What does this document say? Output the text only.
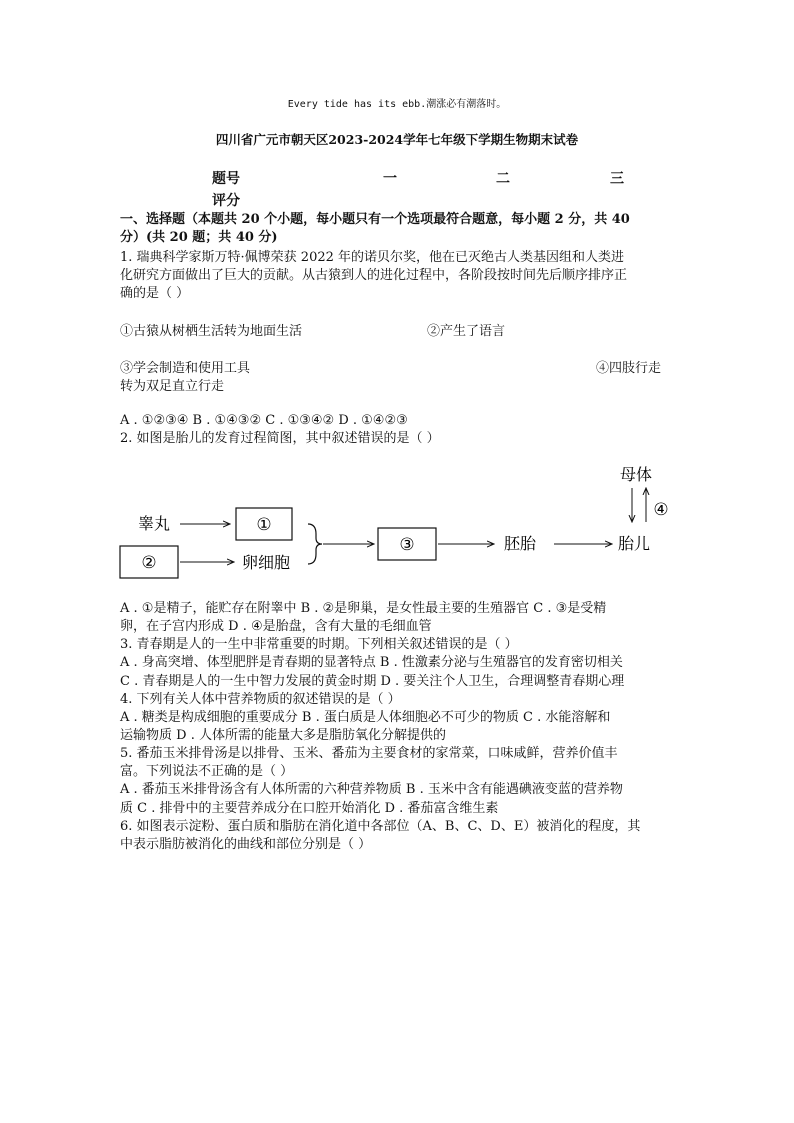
Every tide has its ebb.潮涨必有潮落时。
四川省广元市朝天区2023-2024学年七年级下学期生物期末试卷
题号	一	二	三
评分
一、选择题（本题共 20 个小题，每小题只有一个选项最符合题意，每小题 2 分，共 40
分）(共 20 题；共 40 分)
1. 瑞典科学家斯万特·佩博荣获 2022 年的诺贝尔奖，他在已灭绝古人类基因组和人类进
化研究方面做出了巨大的贡献。从古猿到人的进化过程中，各阶段按时间先后顺序排序正
确的是（ ）
①古猿从树栖生活转为地面生活	②产生了语言
③学会制造和使用工具	④四肢行走
转为双足直立行走
A . ①②③④ B . ①④③② C . ①③④② D . ①④②③
2. 如图是胎儿的发育过程简图，其中叙述错误的是（ ）
睾丸	①
②	卵细胞
③	胚胎	胎儿
母体
④
A . ①是精子，能贮存在附睾中 B . ②是卵巢，是女性最主要的生殖器官 C . ③是受精
卵，在子宫内形成 D . ④是胎盘，含有大量的毛细血管
3. 青春期是人的一生中非常重要的时期。下列相关叙述错误的是（ ）
A . 身高突增、体型肥胖是青春期的显著特点 B . 性激素分泌与生殖器官的发育密切相关
C . 青春期是人的一生中智力发展的黄金时期 D . 要关注个人卫生，合理调整青春期心理
4. 下列有关人体中营养物质的叙述错误的是（ ）
A . 糖类是构成细胞的重要成分 B . 蛋白质是人体细胞必不可少的物质 C . 水能溶解和
运输物质 D . 人体所需的能量大多是脂肪氧化分解提供的
5. 番茄玉米排骨汤是以排骨、玉米、番茄为主要食材的家常菜，口味咸鲜，营养价值丰
富。下列说法不正确的是（ ）
A . 番茄玉米排骨汤含有人体所需的六种营养物质 B . 玉米中含有能遇碘液变蓝的营养物
质 C . 排骨中的主要营养成分在口腔开始消化 D . 番茄富含维生素
6. 如图表示淀粉、蛋白质和脂肪在消化道中各部位（A、B、C、D、E）被消化的程度，其
中表示脂肪被消化的曲线和部位分别是（ ）
